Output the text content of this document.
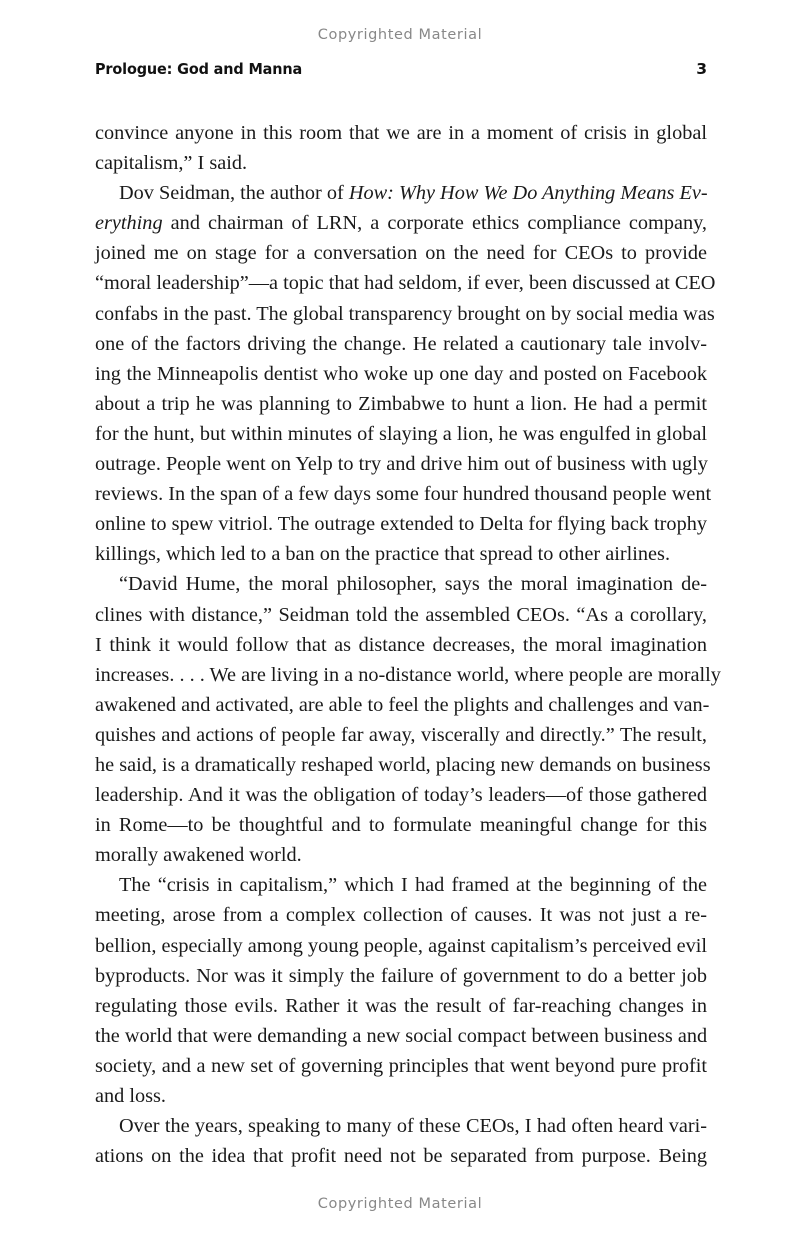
Copyrighted Material
Prologue: God and Manna	3

convince anyone in this room that we are in a moment of crisis in global
capitalism,” I said.

Dov Seidman, the author of How: Why How We Do Anything Means Ev-
erything and chairman of LRN, a corporate ethics compliance company,
joined me on stage for a conversation on the need for CEOs to provide
“moral leadership”—a topic that had seldom, if ever, been discussed at CEO
confabs in the past. The global transparency brought on by social media was
one of the factors driving the change. He related a cautionary tale involv-
ing the Minneapolis dentist who woke up one day and posted on Facebook
about a trip he was planning to Zimbabwe to hunt a lion. He had a permit
for the hunt, but within minutes of slaying a lion, he was engulfed in global
outrage. People went on Yelp to try and drive him out of business with ugly
reviews. In the span of a few days some four hundred thousand people went
online to spew vitriol. The outrage extended to Delta for flying back trophy
killings, which led to a ban on the practice that spread to other airlines.

“David Hume, the moral philosopher, says the moral imagination de-
clines with distance,” Seidman told the assembled CEOs. “As a corollary,
I think it would follow that as distance decreases, the moral imagination
increases. . . . We are living in a no-distance world, where people are morally
awakened and activated, are able to feel the plights and challenges and van-
quishes and actions of people far away, viscerally and directly.” The result,
he said, is a dramatically reshaped world, placing new demands on business
leadership. And it was the obligation of today’s leaders—of those gathered
in Rome—to be thoughtful and to formulate meaningful change for this
morally awakened world.

The “crisis in capitalism,” which I had framed at the beginning of the
meeting, arose from a complex collection of causes. It was not just a re-
bellion, especially among young people, against capitalism’s perceived evil
byproducts. Nor was it simply the failure of government to do a better job
regulating those evils. Rather it was the result of far-reaching changes in
the world that were demanding a new social compact between business and
society, and a new set of governing principles that went beyond pure profit
and loss.

Over the years, speaking to many of these CEOs, I had often heard vari-
ations on the idea that profit need not be separated from purpose. Being

Copyrighted Material
